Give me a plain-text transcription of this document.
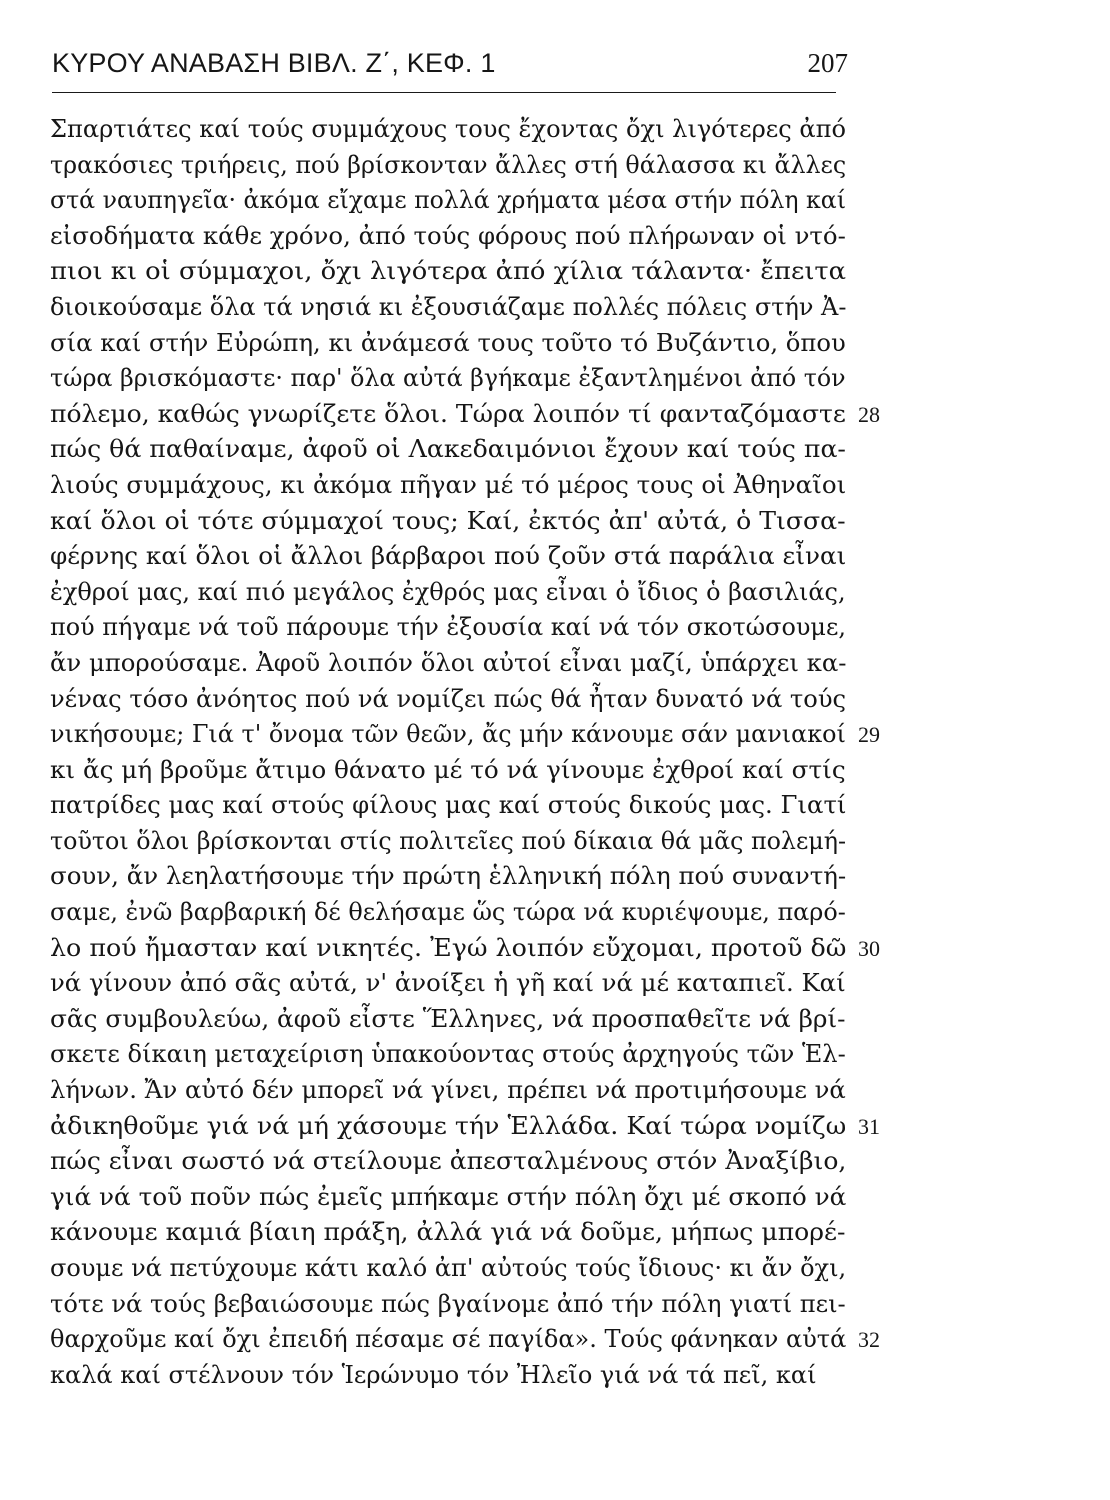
ΚΥΡΟΥ ΑΝΑΒΑΣΗ ΒΙΒΛ. Ζ΄, ΚΕΦ. 1	207
Σπαρτιάτες καί τούς συμμάχους τους ἔχοντας ὄχι λιγότερες ἀπό
τρακόσιες τριήρεις, πού βρίσκονταν ἄλλες στή θάλασσα κι ἄλλες
στά ναυπηγεῖα· ἀκόμα εἴχαμε πολλά χρήματα μέσα στήν πόλη καί
εἰσοδήματα κάθε χρόνο, ἀπό τούς φόρους πού πλήρωναν οἱ ντό-
πιοι κι οἱ σύμμαχοι, ὄχι λιγότερα ἀπό χίλια τάλαντα· ἔπειτα
διοικούσαμε ὅλα τά νησιά κι ἐξουσιάζαμε πολλές πόλεις στήν Ἀ-
σία καί στήν Εὐρώπη, κι ἀνάμεσά τους τοῦτο τό Βυζάντιο, ὅπου
τώρα βρισκόμαστε· παρ' ὅλα αὐτά βγήκαμε ἐξαντλημένοι ἀπό τόν
πόλεμο, καθώς γνωρίζετε ὅλοι. Τώρα λοιπόν τί φανταζόμαστε 28
πώς θά παθαίναμε, ἀφοῦ οἱ Λακεδαιμόνιοι ἔχουν καί τούς πα-
λιούς συμμάχους, κι ἀκόμα πῆγαν μέ τό μέρος τους οἱ Ἀθηναῖοι
καί ὅλοι οἱ τότε σύμμαχοί τους; Καί, ἐκτός ἀπ' αὐτά, ὁ Τισσα-
φέρνης καί ὅλοι οἱ ἄλλοι βάρβαροι πού ζοῦν στά παράλια εἶναι
ἐχθροί μας, καί πιό μεγάλος ἐχθρός μας εἶναι ὁ ἴδιος ὁ βασιλιάς,
πού πήγαμε νά τοῦ πάρουμε τήν ἐξουσία καί νά τόν σκοτώσουμε,
ἄν μπορούσαμε. Ἀφοῦ λοιπόν ὅλοι αὐτοί εἶναι μαζί, ὑπάρχει κα-
νένας τόσο ἀνόητος πού νά νομίζει πώς θά ἦταν δυνατό νά τούς
νικήσουμε; Γιά τ' ὄνομα τῶν θεῶν, ἄς μήν κάνουμε σάν μανιακοί 29
κι ἄς μή βροῦμε ἄτιμο θάνατο μέ τό νά γίνουμε ἐχθροί καί στίς
πατρίδες μας καί στούς φίλους μας καί στούς δικούς μας. Γιατί
τοῦτοι ὅλοι βρίσκονται στίς πολιτεῖες πού δίκαια θά μᾶς πολεμή-
σουν, ἄν λεηλατήσουμε τήν πρώτη ἑλληνική πόλη πού συναντή-
σαμε, ἐνῶ βαρβαρική δέ θελήσαμε ὥς τώρα νά κυριέψουμε, παρό-
λο πού ἤμασταν καί νικητές. Ἐγώ λοιπόν εὔχομαι, προτοῦ δῶ 30
νά γίνουν ἀπό σᾶς αὐτά, ν' ἀνοίξει ἡ γῆ καί νά μέ καταπιεῖ. Καί
σᾶς συμβουλεύω, ἀφοῦ εἶστε Ἕλληνες, νά προσπαθεῖτε νά βρί-
σκετε δίκαιη μεταχείριση ὑπακούοντας στούς ἀρχηγούς τῶν Ἑλ-
λήνων. Ἄν αὐτό δέν μπορεῖ νά γίνει, πρέπει νά προτιμήσουμε νά
ἀδικηθοῦμε γιά νά μή χάσουμε τήν Ἑλλάδα. Καί τώρα νομίζω 31
πώς εἶναι σωστό νά στείλουμε ἀπεσταλμένους στόν Ἀναξίβιο,
γιά νά τοῦ ποῦν πώς ἐμεῖς μπήκαμε στήν πόλη ὄχι μέ σκοπό νά
κάνουμε καμιά βίαιη πράξη, ἀλλά γιά νά δοῦμε, μήπως μπορέ-
σουμε νά πετύχουμε κάτι καλό ἀπ' αὐτούς τούς ἴδιους· κι ἄν ὄχι,
τότε νά τούς βεβαιώσουμε πώς βγαίνομε ἀπό τήν πόλη γιατί πει-
θαρχοῦμε καί ὄχι ἐπειδή πέσαμε σέ παγίδα». Τούς φάνηκαν αὐτά 32
καλά καί στέλνουν τόν Ἱερώνυμο τόν Ἠλεῖο γιά νά τά πεῖ, καί
